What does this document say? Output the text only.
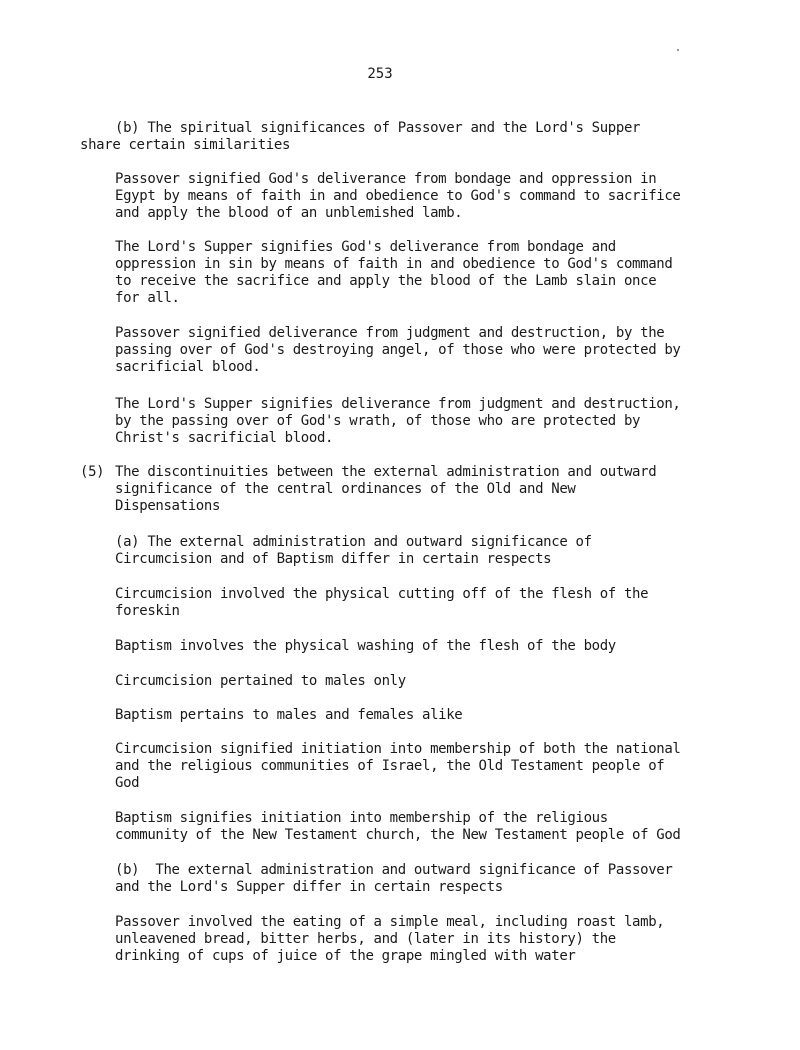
253

(b) The spiritual significances of Passover and the Lord's Supper
share certain similarities

Passover signified God's deliverance from bondage and oppression in
Egypt by means of faith in and obedience to God's command to sacrifice
and apply the blood of an unblemished lamb.

The Lord's Supper signifies God's deliverance from bondage and
oppression in sin by means of faith in and obedience to God's command
to receive the sacrifice and apply the blood of the Lamb slain once
for all.

Passover signified deliverance from judgment and destruction, by the
passing over of God's destroying angel, of those who were protected by
sacrificial blood.

The Lord's Supper signifies deliverance from judgment and destruction,
by the passing over of God's wrath, of those who are protected by
Christ's sacrificial blood.

(5) The discontinuities between the external administration and outward
significance of the central ordinances of the Old and New
Dispensations

(a) The external administration and outward significance of
Circumcision and of Baptism differ in certain respects

Circumcision involved the physical cutting off of the flesh of the
foreskin

Baptism involves the physical washing of the flesh of the body

Circumcision pertained to males only

Baptism pertains to males and females alike

Circumcision signified initiation into membership of both the national
and the religious communities of Israel, the Old Testament people of
God

Baptism signifies initiation into membership of the religious
community of the New Testament church, the New Testament people of God

(b)  The external administration and outward significance of Passover
and the Lord's Supper differ in certain respects

Passover involved the eating of a simple meal, including roast lamb,
unleavened bread, bitter herbs, and (later in its history) the
drinking of cups of juice of the grape mingled with water
